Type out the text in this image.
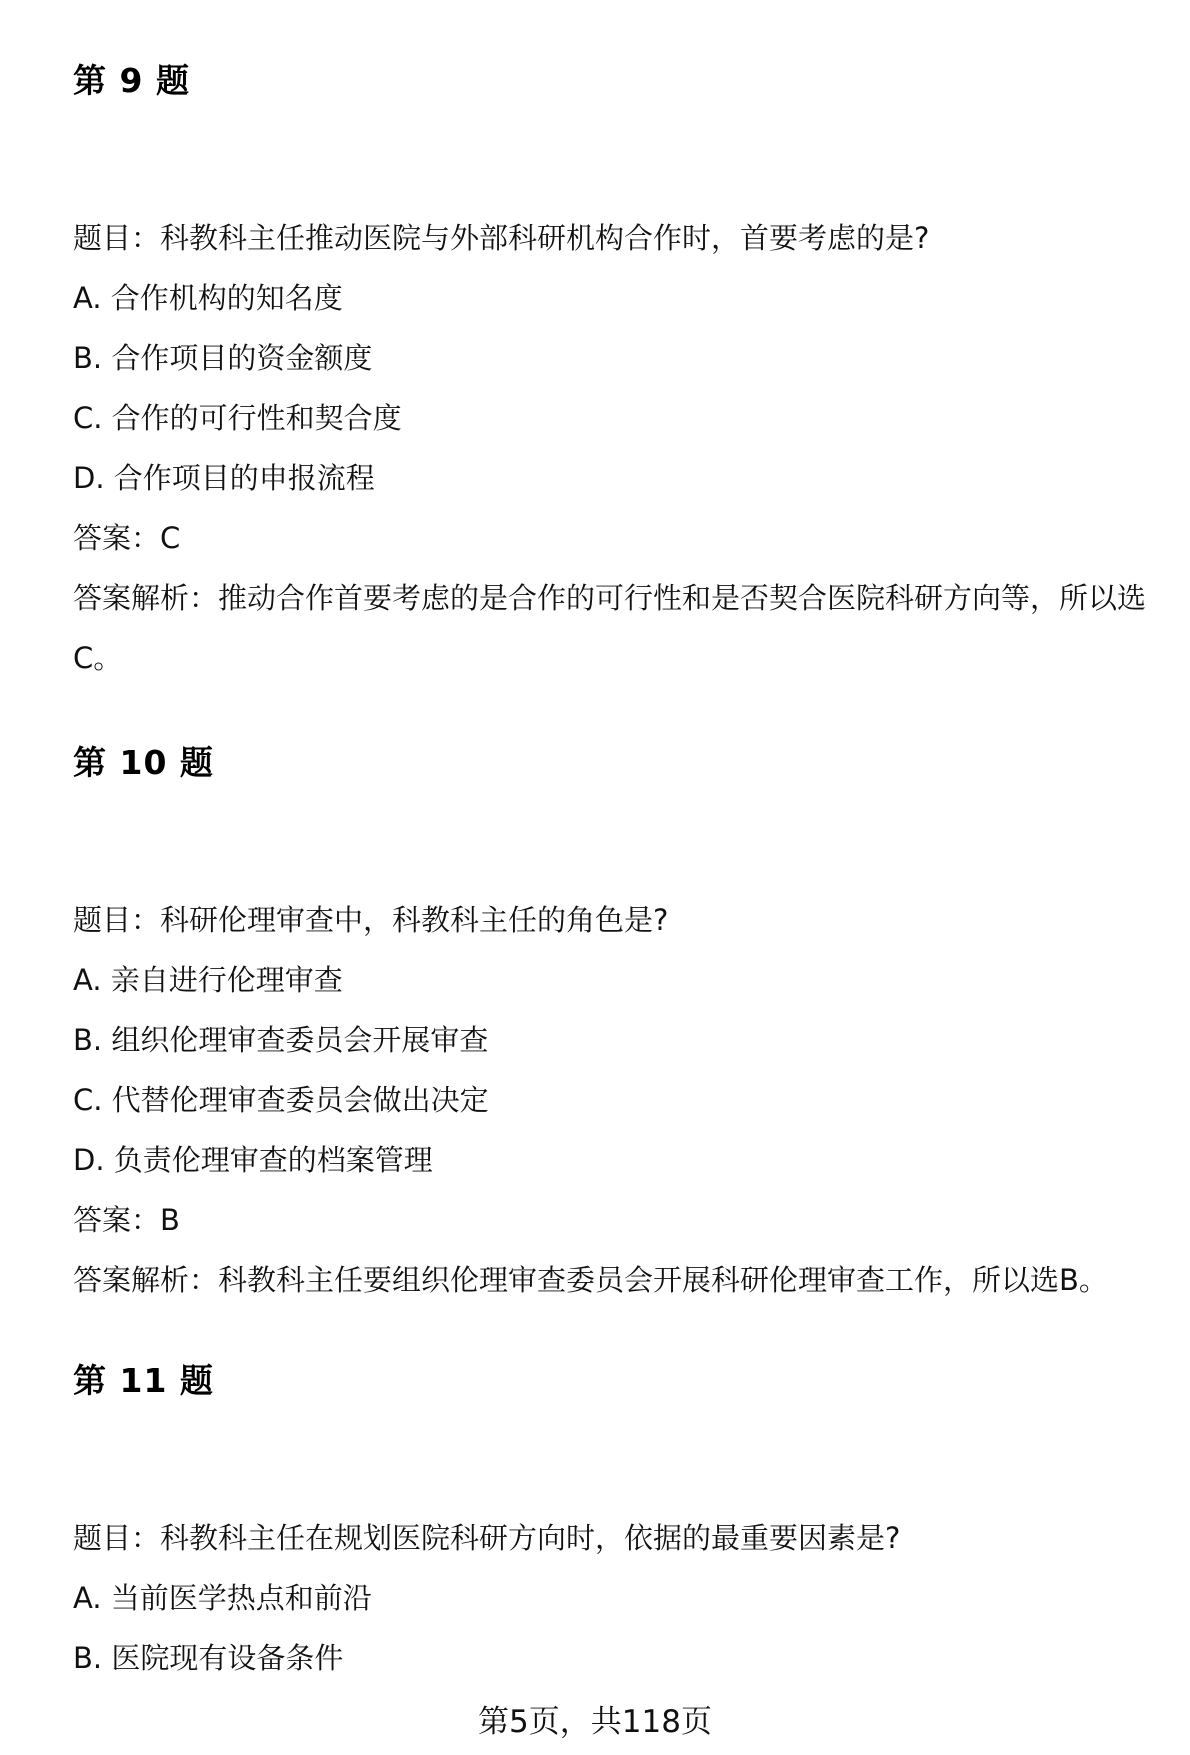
第 9 题
题目：科教科主任推动医院与外部科研机构合作时，首要考虑的是?
A. 合作机构的知名度
B. 合作项目的资金额度
C. 合作的可行性和契合度
D. 合作项目的申报流程
答案：C
答案解析：推动合作首要考虑的是合作的可行性和是否契合医院科研方向等，所以选C。
第 10 题
题目：科研伦理审查中，科教科主任的角色是?
A. 亲自进行伦理审查
B. 组织伦理审查委员会开展审查
C. 代替伦理审查委员会做出决定
D. 负责伦理审查的档案管理
答案：B
答案解析：科教科主任要组织伦理审查委员会开展科研伦理审查工作，所以选B。
第 11 题
题目：科教科主任在规划医院科研方向时，依据的最重要因素是?
A. 当前医学热点和前沿
B. 医院现有设备条件
第5页，共118页
